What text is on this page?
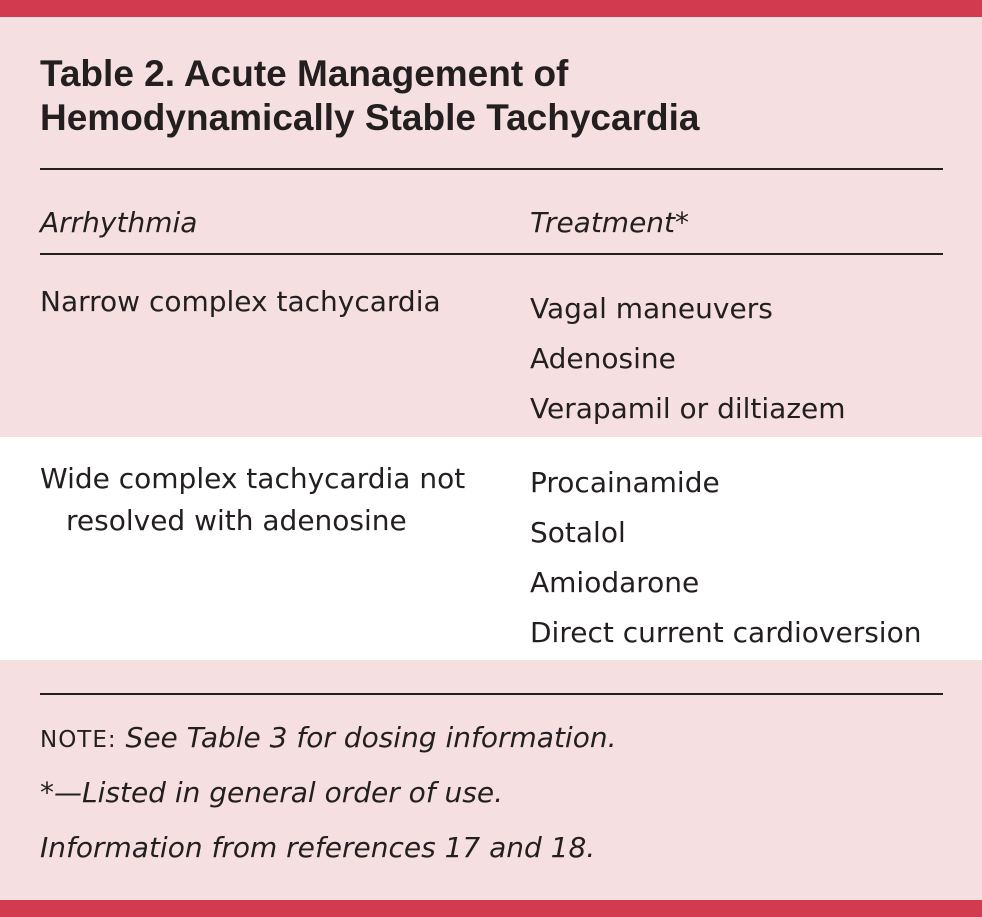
Table 2. Acute Management of
Hemodynamically Stable Tachycardia
Arrhythmia	Treatment*
Narrow complex tachycardia	Vagal maneuvers
Adenosine
Verapamil or diltiazem
Wide complex tachycardia not
resolved with adenosine
Procainamide
Sotalol
Amiodarone
Direct current cardioversion
NOTE: See Table 3 for dosing information.
*—Listed in general order of use.
Information from references 17 and 18.
